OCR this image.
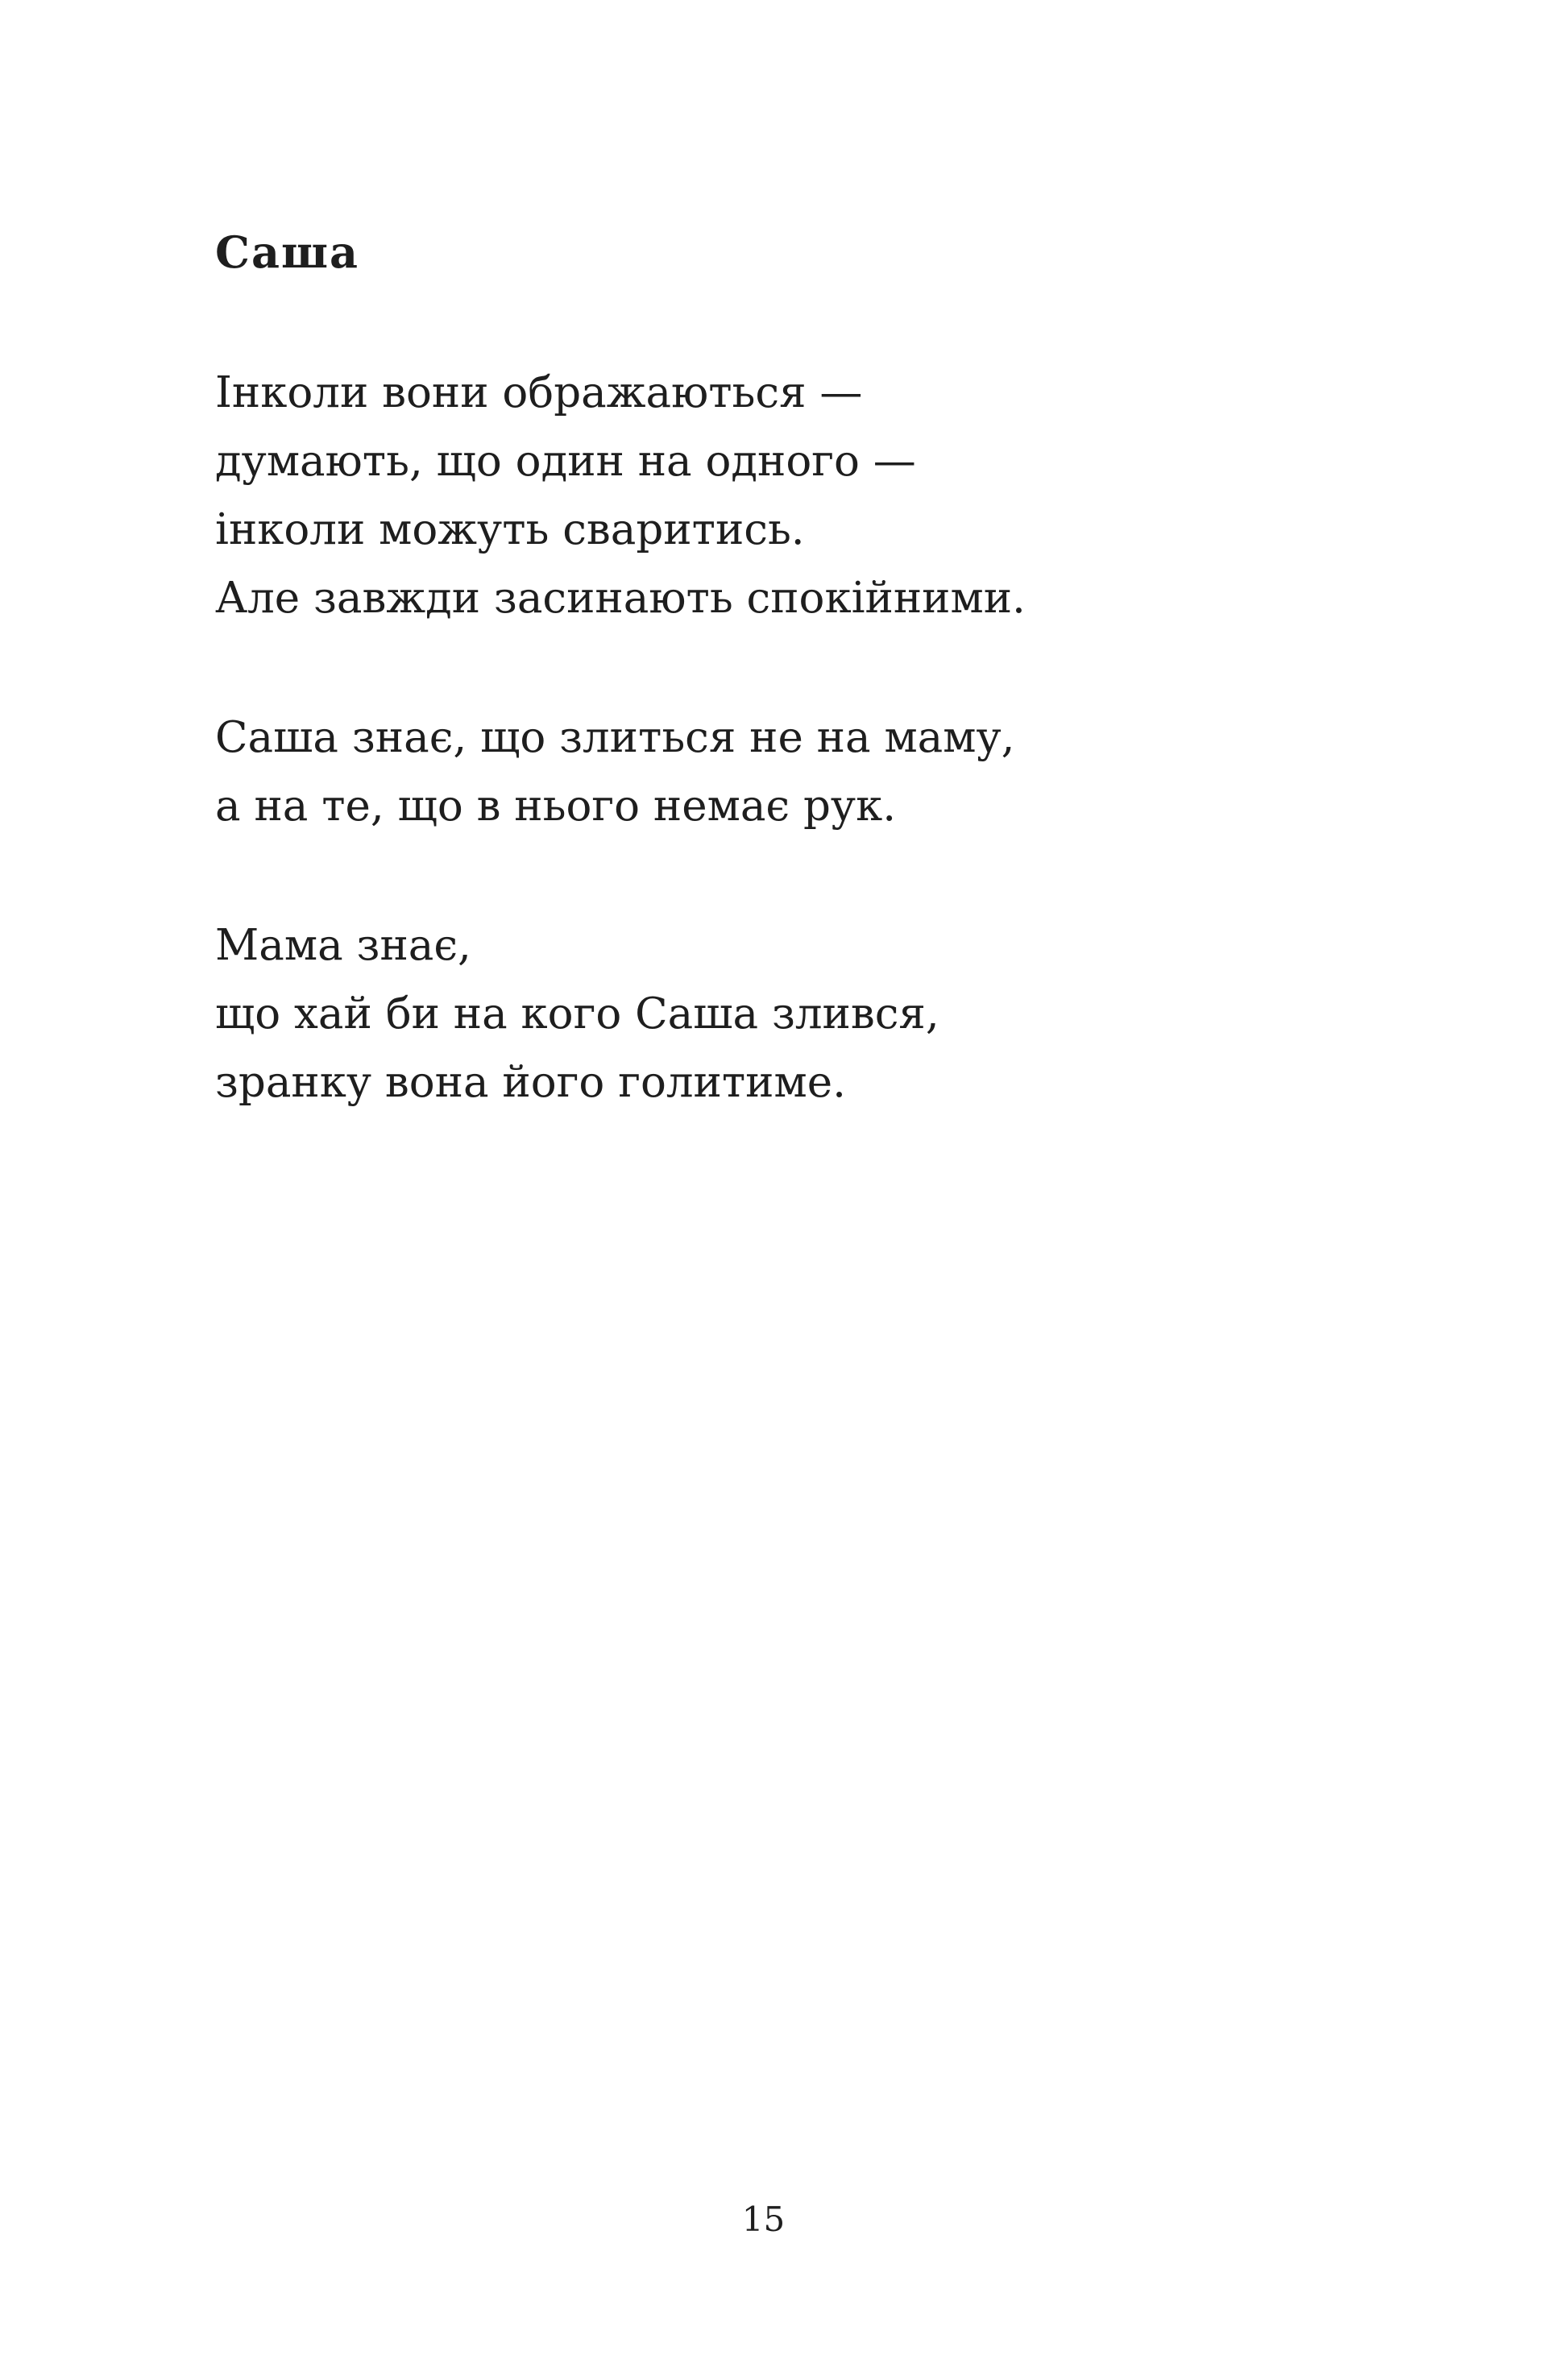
Саша
Інколи вони ображаються —
думають, що один на одного —
інколи можуть сваритись.
Але завжди засинають спокійними.
Саша знає, що злиться не на маму,
а на те, що в нього немає рук.
Мама знає,
що хай би на кого Саша злився,
зранку вона його голитиме.
15
